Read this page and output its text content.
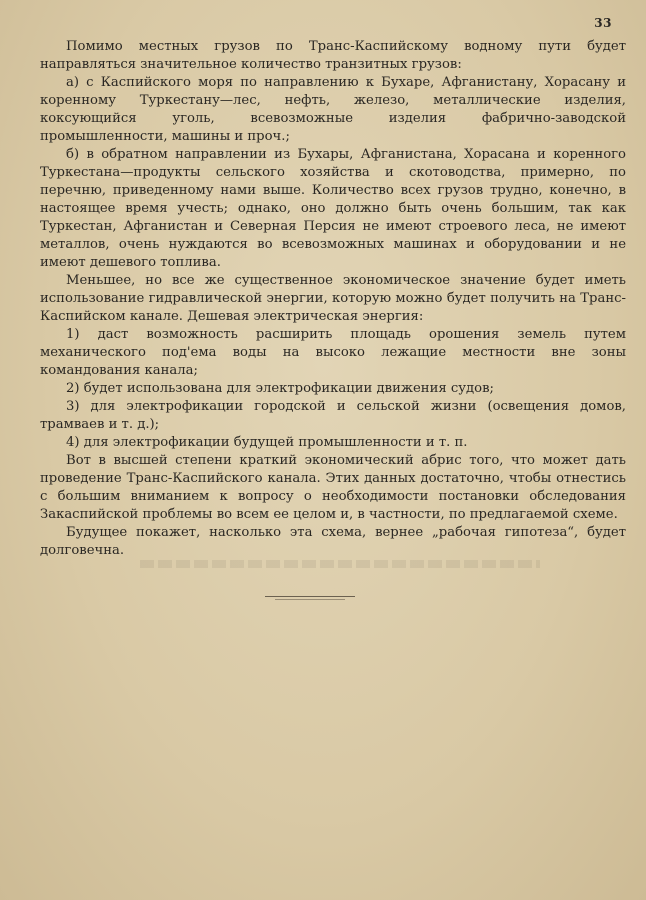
33

Помимо местных грузов по Транс-Каспийскому водному пути будет направляться значительное количество транзитных грузов:

а) с Каспийского моря по направлению к Бухаре, Афганистану, Хорасану и коренному Туркестану—лес, нефть, железо, металлические изделия, коксующийся уголь, всевозможные изделия фабрично-заводской промышленности, машины и проч.;

б) в обратном направлении из Бухары, Афганистана, Хорасана и коренного Туркестана—продукты сельского хозяйства и скотоводства, примерно, по перечню, приведенному нами выше. Количество всех грузов трудно, конечно, в настоящее время учесть; однако, оно должно быть очень большим, так как Туркестан, Афганистан и Северная Персия не имеют строевого леса, не имеют металлов, очень нуждаются во всевозможных машинах и оборудовании и не имеют дешевого топлива.

Меньшее, но все же существенное экономическое значение будет иметь использование гидравлической энергии, которую можно будет получить на Транс-Каспийском канале. Дешевая электрическая энергия:

1) даст возможность расширить площадь орошения земель путем механического под'ема воды на высоко лежащие местности вне зоны командования канала;

2) будет использована для электрофикации движения судов;

3) для электрофикации городской и сельской жизни (освещения домов, трамваев и т. д.);

4) для электрофикации будущей промышленности и т. п.

Вот в высшей степени краткий экономический абрис того, что может дать проведение Транс-Каспийского канала. Этих данных достаточно, чтобы отнестись с большим вниманием к вопросу о необходимости постановки обследования Закаспийской проблемы во всем ее целом и, в частности, по предлагаемой схеме.

Будущее покажет, насколько эта схема, вернее „рабочая гипотеза“, будет долговечна.
